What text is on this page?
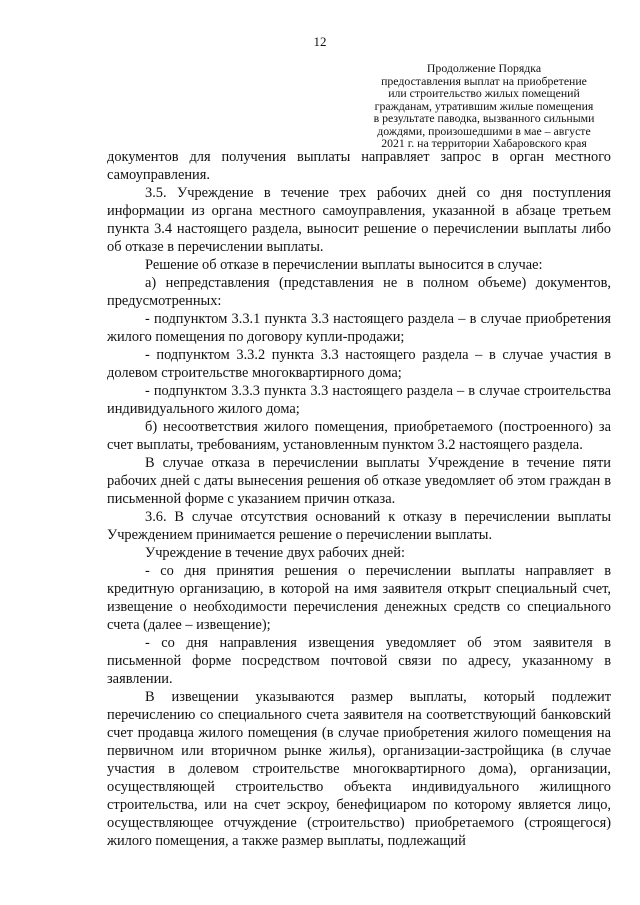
12
Продолжение Порядка
предоставления выплат на приобретение
или строительство жилых помещений
гражданам, утратившим жилые помещения
в результате паводка, вызванного сильными
дождями, произошедшими в мае – августе
2021 г. на территории Хабаровского края

документов для получения выплаты направляет запрос в орган местного самоуправления.

3.5. Учреждение в течение трех рабочих дней со дня поступления информации из органа местного самоуправления, указанной в абзаце третьем пункта 3.4 настоящего раздела, выносит решение о перечислении выплаты либо об отказе в перечислении выплаты.

Решение об отказе в перечислении выплаты выносится в случае:

а) непредставления (представления не в полном объеме) документов, предусмотренных:

- подпунктом 3.3.1 пункта 3.3 настоящего раздела – в случае приобретения жилого помещения по договору купли-продажи;

- подпунктом 3.3.2 пункта 3.3 настоящего раздела – в случае участия в долевом строительстве многоквартирного дома;

- подпунктом 3.3.3 пункта 3.3 настоящего раздела – в случае строительства индивидуального жилого дома;

б) несоответствия жилого помещения, приобретаемого (построенного) за счет выплаты, требованиям, установленным пунктом 3.2 настоящего раздела.

В случае отказа в перечислении выплаты Учреждение в течение пяти рабочих дней с даты вынесения решения об отказе уведомляет об этом граждан в письменной форме с указанием причин отказа.

3.6. В случае отсутствия оснований к отказу в перечислении выплаты Учреждением принимается решение о перечислении выплаты.

Учреждение в течение двух рабочих дней:

- со дня принятия решения о перечислении выплаты направляет в кредитную организацию, в которой на имя заявителя открыт специальный счет, извещение о необходимости перечисления денежных средств со специального счета (далее – извещение);

- со дня направления извещения уведомляет об этом заявителя в письменной форме посредством почтовой связи по адресу, указанному в заявлении.

В извещении указываются размер выплаты, который подлежит перечислению со специального счета заявителя на соответствующий банковский счет продавца жилого помещения (в случае приобретения жилого помещения на первичном или вторичном рынке жилья), организации-застройщика (в случае участия в долевом строительстве многоквартирного дома), организации, осуществляющей строительство объекта индивидуального жилищного строительства, или на счет эскроу, бенефициаром по которому является лицо, осуществляющее отчуждение (строительство) приобретаемого (строящегося) жилого помещения, а также размер выплаты, подлежащий
